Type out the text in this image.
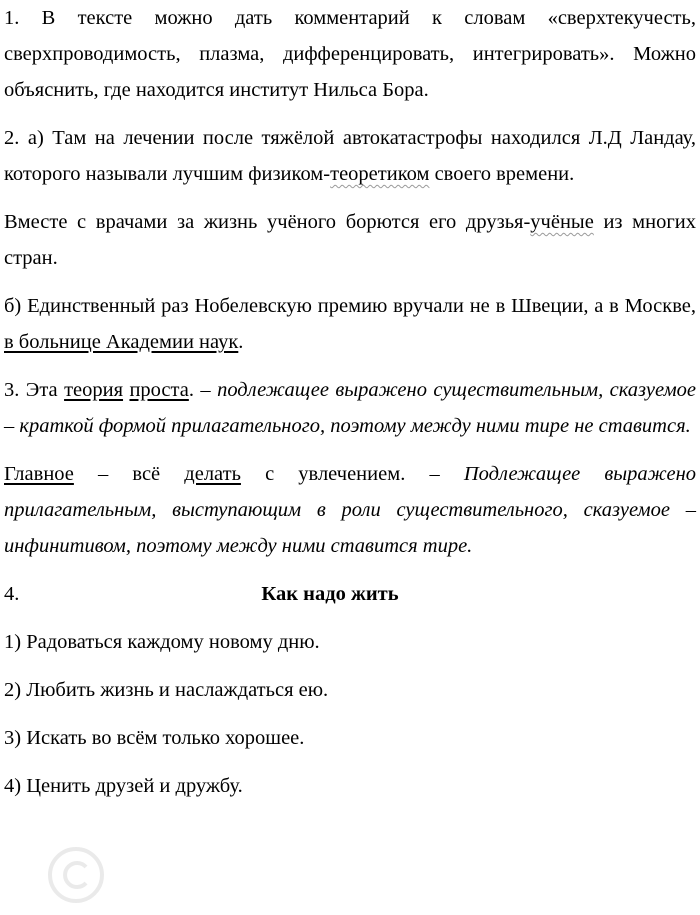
1. В тексте можно дать комментарий к словам «сверхтекучесть, сверхпроводимость, плазма, дифференцировать, интегрировать». Можно объяснить, где находится институт Нильса Бора.

2. а) Там на лечении после тяжёлой автокатастрофы находился Л.Д Ландау, которого называли лучшим физиком-теоретиком своего времени.

Вместе с врачами за жизнь учёного борются его друзья-учёные из многих стран.

б) Единственный раз Нобелевскую премию вручали не в Швеции, а в Москве, в больнице Академии наук.

3. Эта теория проста. – подлежащее выражено существительным, сказуемое – краткой формой прилагательного, поэтому между ними тире не ставится.

Главное – всё делать с увлечением. – Подлежащее выражено прилагательным, выступающим в роли существительного, сказуемое – инфинитивом, поэтому между ними ставится тире.

4.	Как надо жить

1) Радоваться каждому новому дню.

2) Любить жизнь и наслаждаться ею.

3) Искать во всём только хорошее.

4) Ценить друзей и дружбу.
